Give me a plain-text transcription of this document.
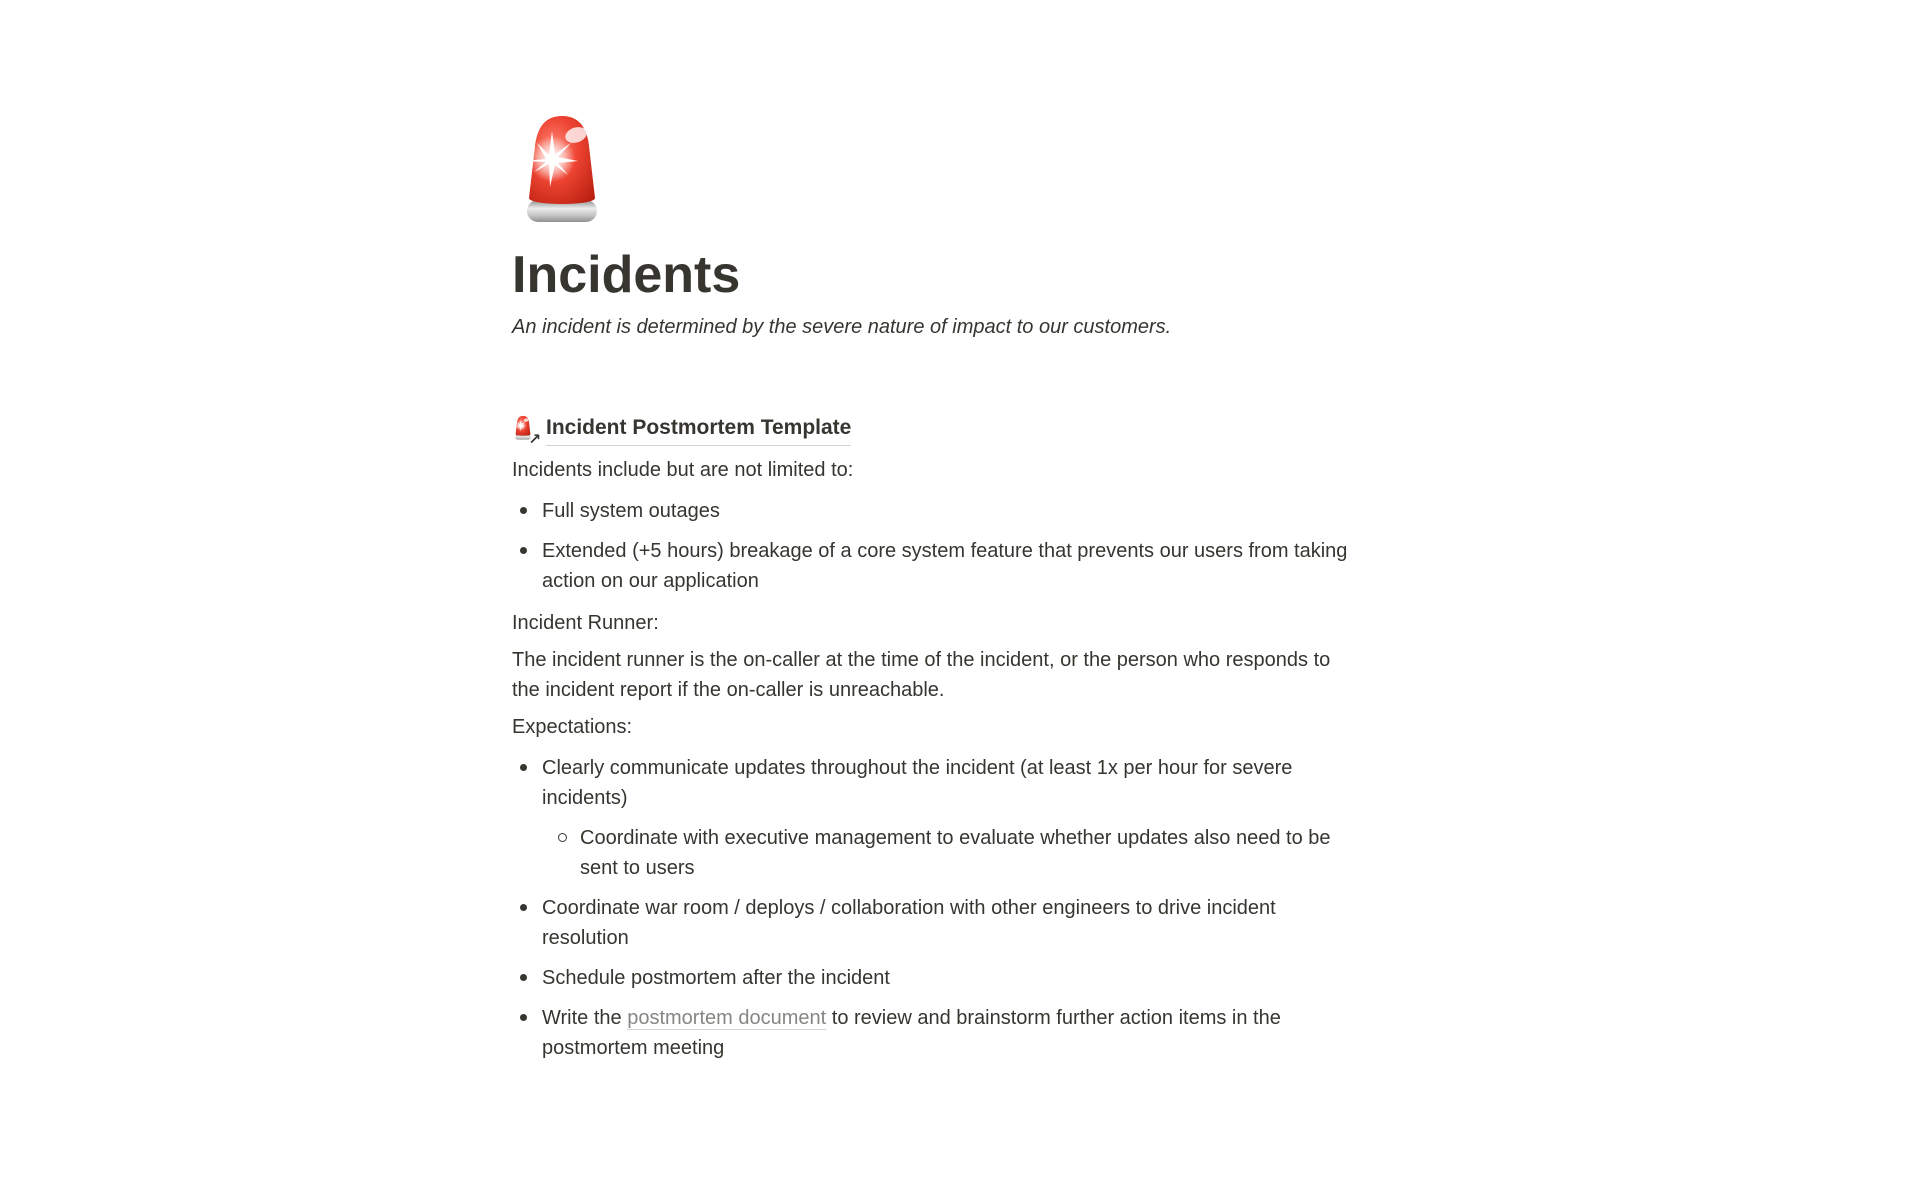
Incidents

An incident is determined by the severe nature of impact to our customers.

↗
Incident Postmortem Template

Incidents include but are not limited to:

Full system outages
Extended (+5 hours) breakage of a core system feature that prevents our users from taking action on our application

Incident Runner:

The incident runner is the on-caller at the time of the incident, or the person who responds to the incident report if the on-caller is unreachable.

Expectations:

Clearly communicate updates throughout the incident (at least 1x per hour for severe incidents)
Coordinate with executive management to evaluate whether updates also need to be sent to users
Coordinate war room / deploys / collaboration with other engineers to drive incident resolution
Schedule postmortem after the incident
Write the postmortem document to review and brainstorm further action items in the postmortem meeting
